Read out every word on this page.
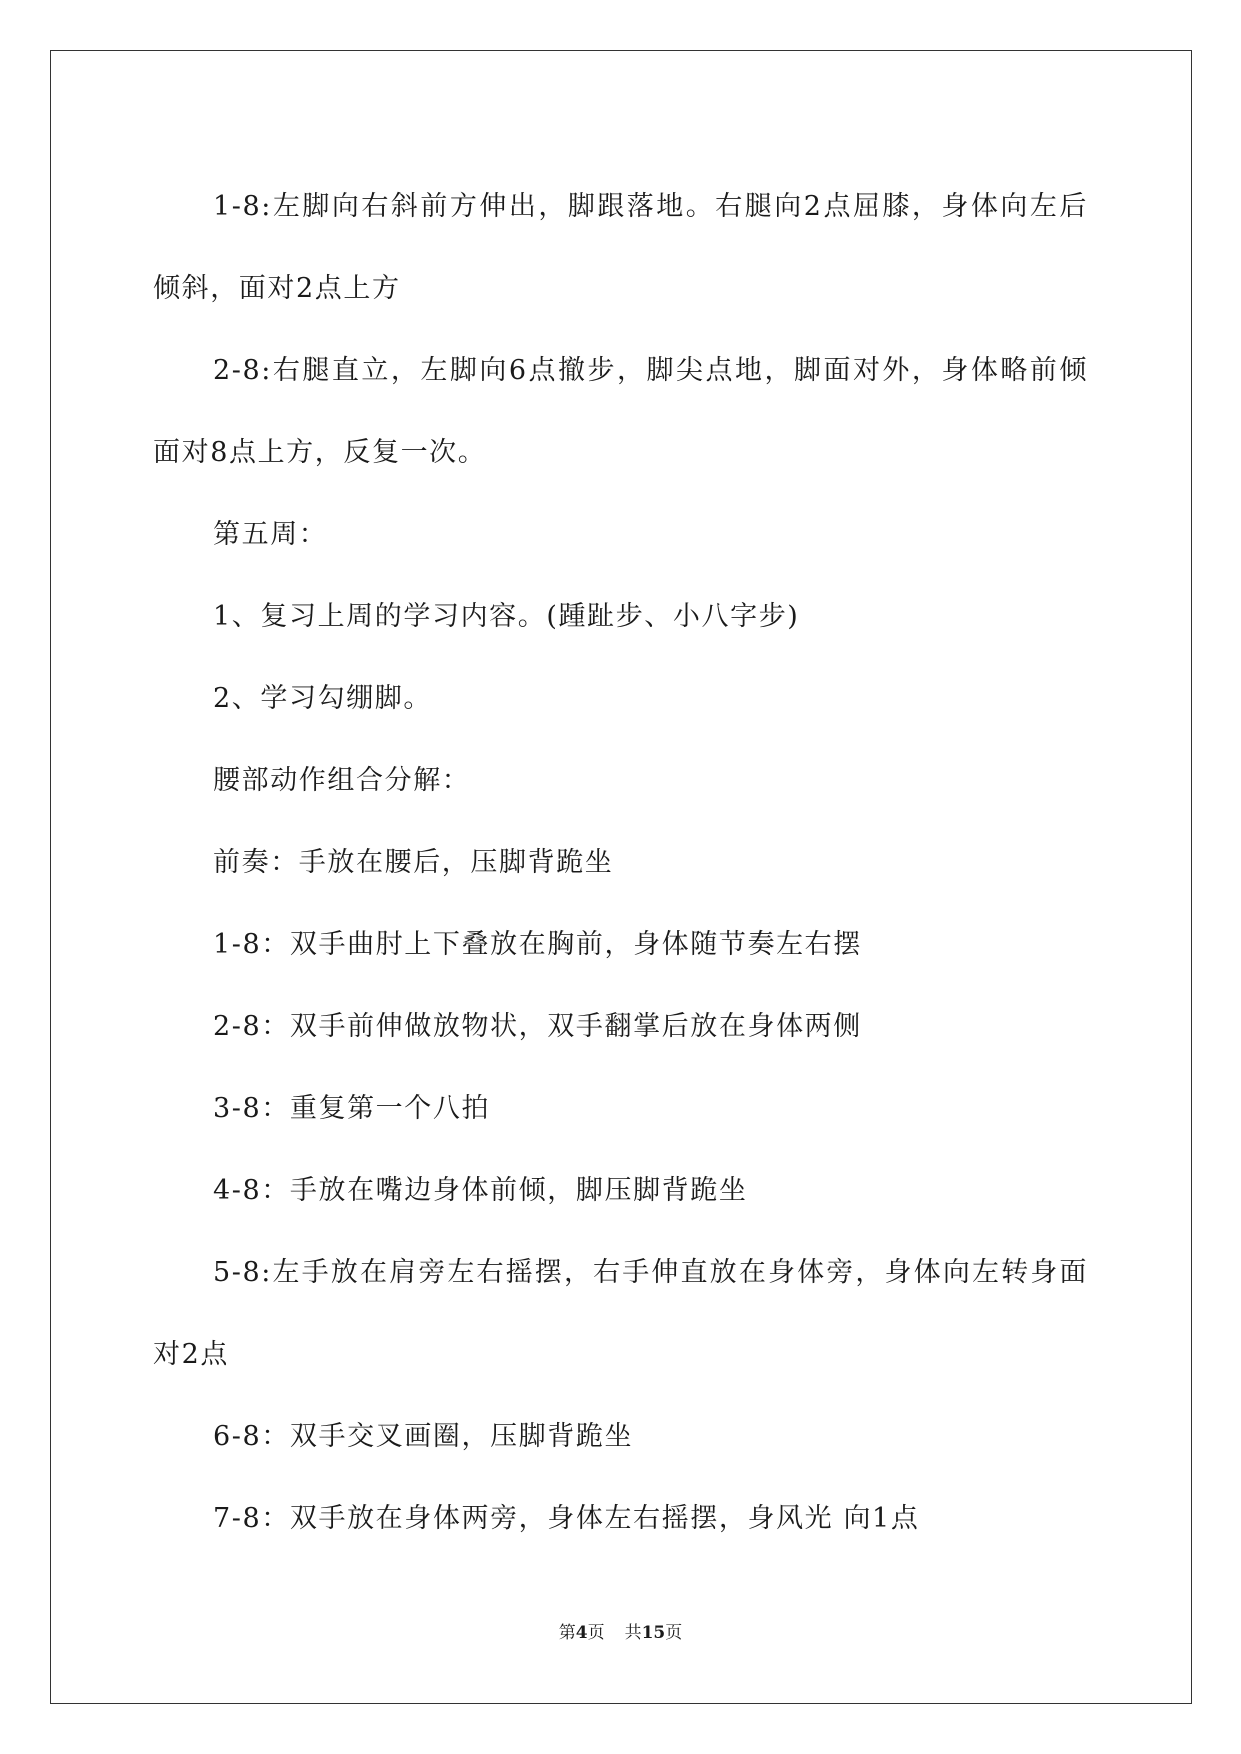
1-8:左脚向右斜前方伸出，脚跟落地。右腿向2点屈膝，身体向左后倾斜，面对2点上方

2-8:右腿直立，左脚向6点撤步，脚尖点地，脚面对外，身体略前倾面对8点上方，反复一次。

第五周：

1、复习上周的学习内容。(踵趾步、小八字步)

2、学习勾绷脚。

腰部动作组合分解：

前奏：手放在腰后，压脚背跪坐

1-8：双手曲肘上下叠放在胸前，身体随节奏左右摆

2-8：双手前伸做放物状，双手翻掌后放在身体两侧

3-8：重复第一个八拍

4-8：手放在嘴边身体前倾，脚压脚背跪坐

5-8:左手放在肩旁左右摇摆，右手伸直放在身体旁，身体向左转身面对2点

6-8：双手交叉画圈，压脚背跪坐

7-8：双手放在身体两旁，身体左右摇摆，身风光 向1点

第4页 共15页
